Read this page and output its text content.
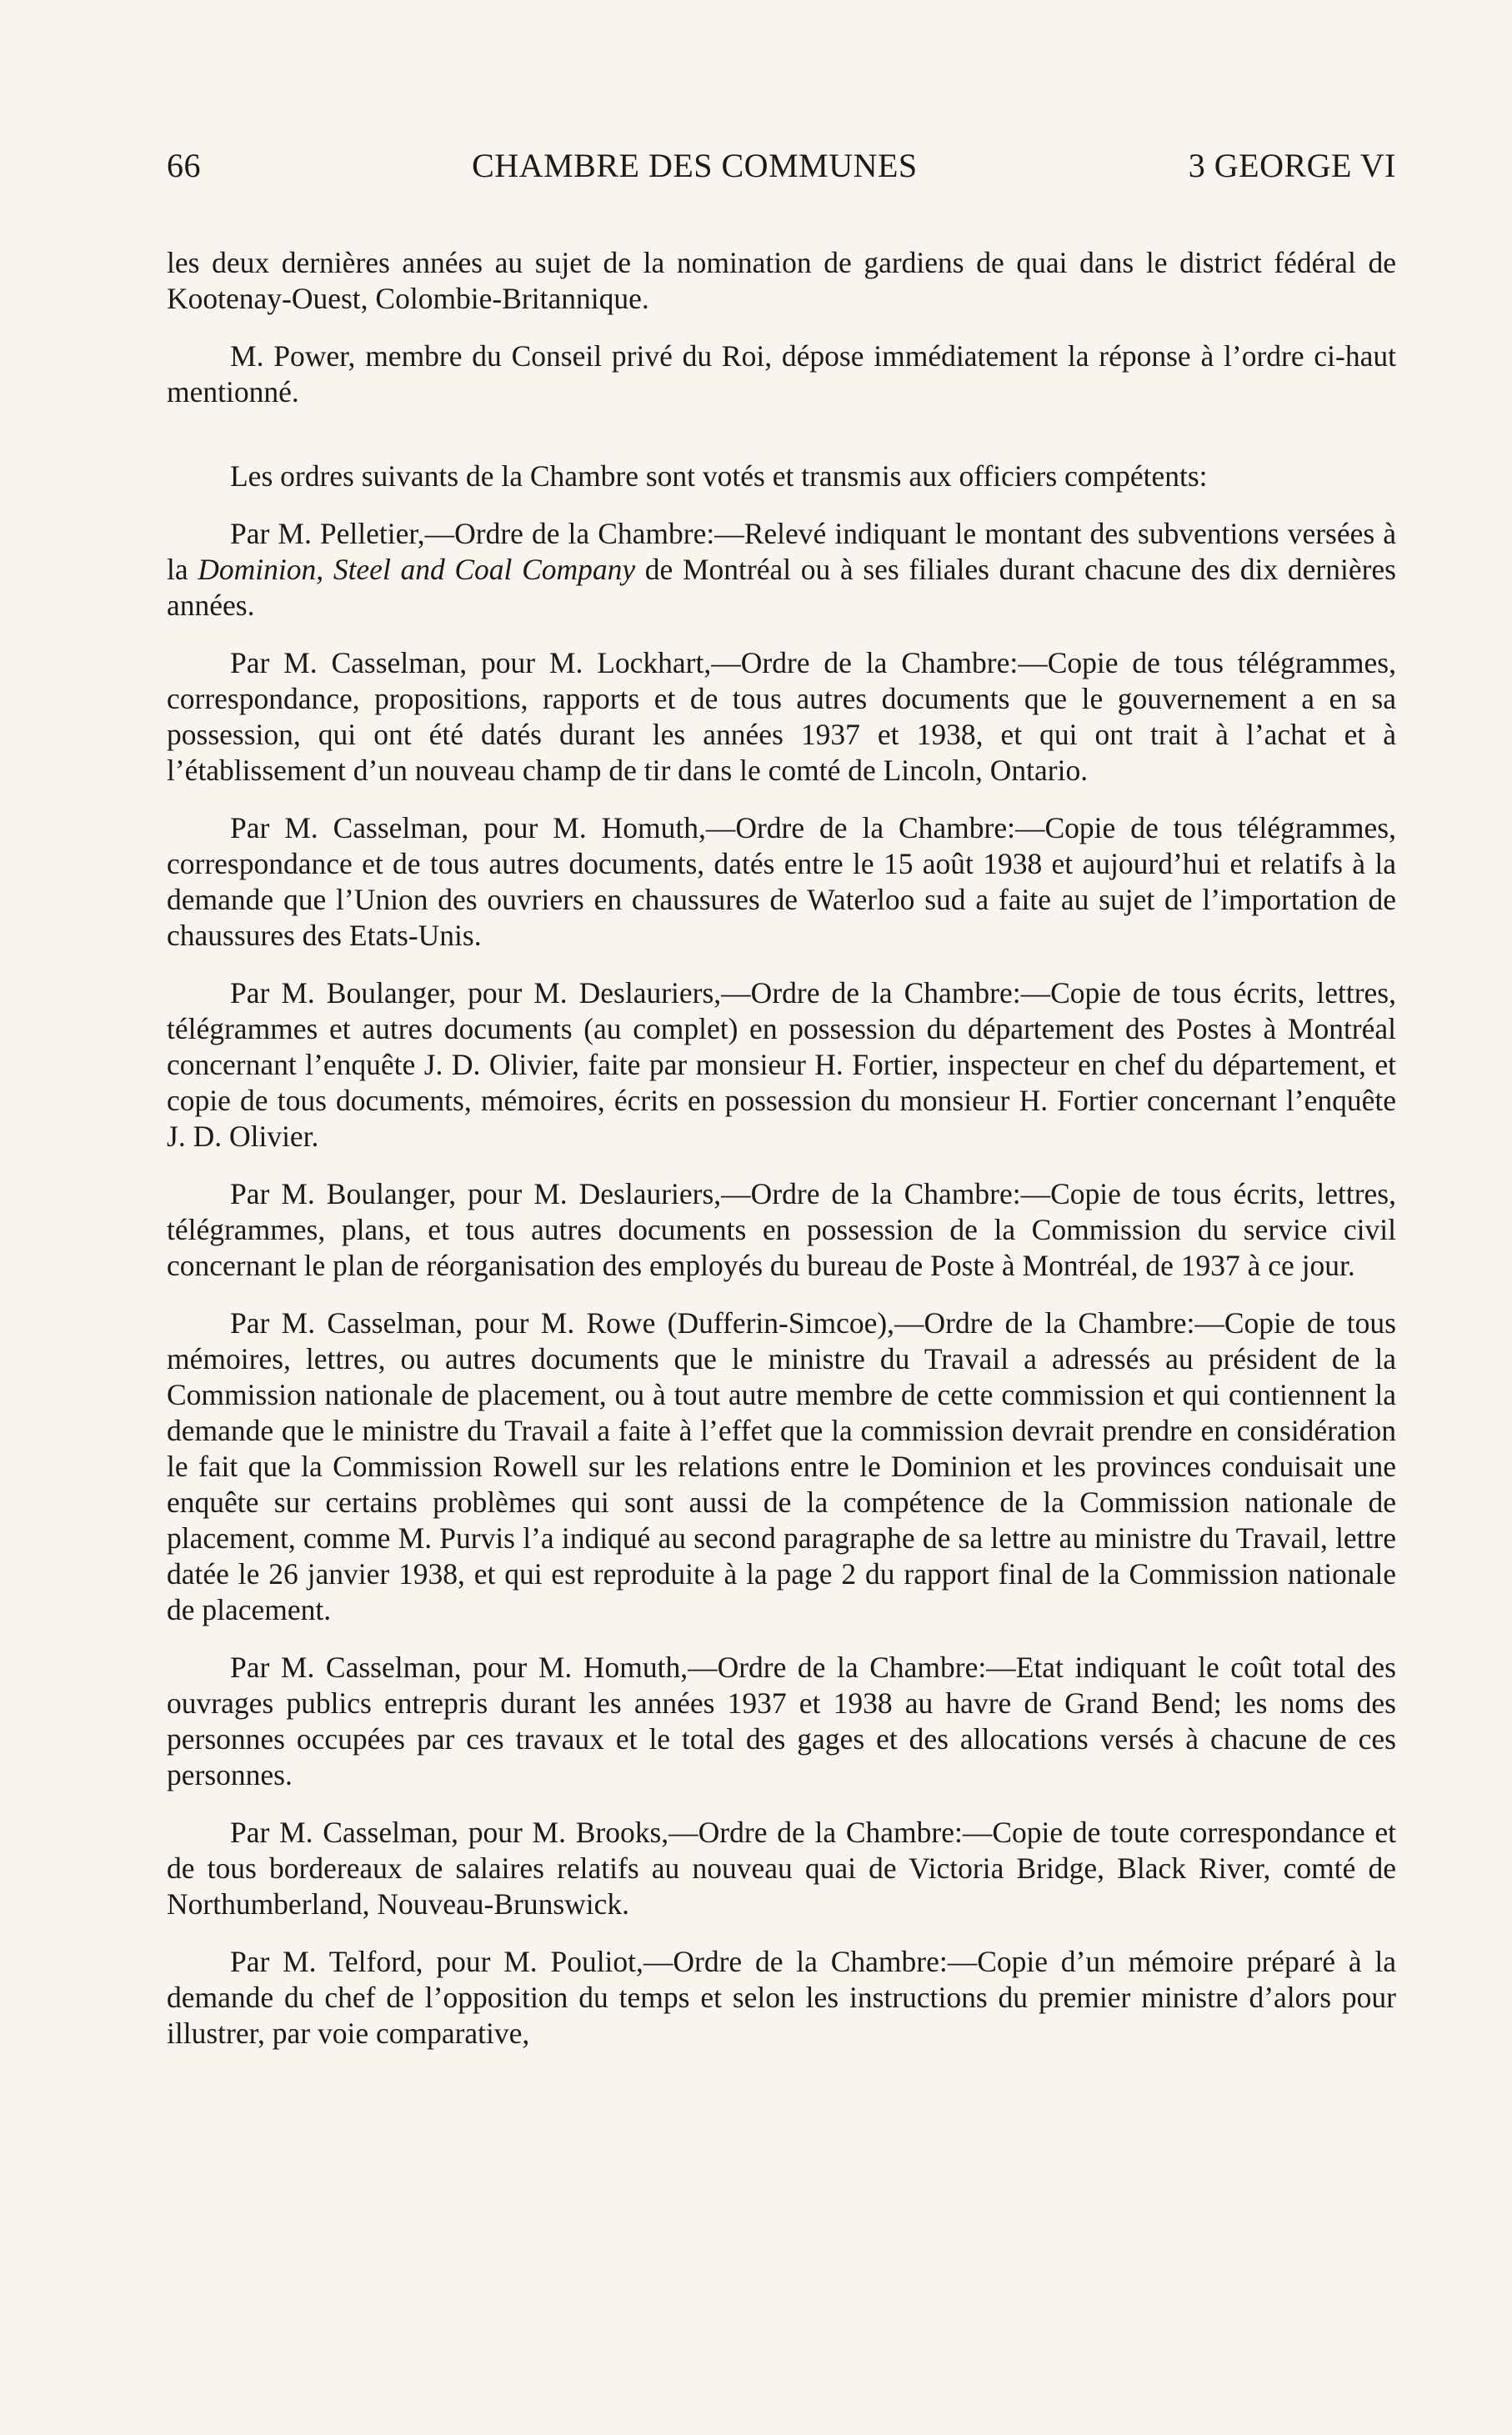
66	CHAMBRE DES COMMUNES	3 GEORGE VI

les deux dernières années au sujet de la nomination de gardiens de quai dans le district fédéral de Kootenay-Ouest, Colombie-Britannique.

M. Power, membre du Conseil privé du Roi, dépose immédiatement la réponse à l’ordre ci-haut mentionné.

Les ordres suivants de la Chambre sont votés et transmis aux officiers compétents:

Par M. Pelletier,—Ordre de la Chambre:—Relevé indiquant le montant des subventions versées à la Dominion, Steel and Coal Company de Montréal ou à ses filiales durant chacune des dix dernières années.

Par M. Casselman, pour M. Lockhart,—Ordre de la Chambre:—Copie de tous télégrammes, correspondance, propositions, rapports et de tous autres documents que le gouvernement a en sa possession, qui ont été datés durant les années 1937 et 1938, et qui ont trait à l’achat et à l’établissement d’un nouveau champ de tir dans le comté de Lincoln, Ontario.

Par M. Casselman, pour M. Homuth,—Ordre de la Chambre:—Copie de tous télégrammes, correspondance et de tous autres documents, datés entre le 15 août 1938 et aujourd’hui et relatifs à la demande que l’Union des ouvriers en chaussures de Waterloo sud a faite au sujet de l’importation de chaussures des Etats-Unis.

Par M. Boulanger, pour M. Deslauriers,—Ordre de la Chambre:—Copie de tous écrits, lettres, télégrammes et autres documents (au complet) en possession du département des Postes à Montréal concernant l’enquête J. D. Olivier, faite par monsieur H. Fortier, inspecteur en chef du département, et copie de tous documents, mémoires, écrits en possession du monsieur H. Fortier concernant l’enquête J. D. Olivier.

Par M. Boulanger, pour M. Deslauriers,—Ordre de la Chambre:—Copie de tous écrits, lettres, télégrammes, plans, et tous autres documents en possession de la Commission du service civil concernant le plan de réorganisation des employés du bureau de Poste à Montréal, de 1937 à ce jour.

Par M. Casselman, pour M. Rowe (Dufferin-Simcoe),—Ordre de la Chambre:—Copie de tous mémoires, lettres, ou autres documents que le ministre du Travail a adressés au président de la Commission nationale de placement, ou à tout autre membre de cette commission et qui contiennent la demande que le ministre du Travail a faite à l’effet que la commission devrait prendre en considération le fait que la Commission Rowell sur les relations entre le Dominion et les provinces conduisait une enquête sur certains problèmes qui sont aussi de la compétence de la Commission nationale de placement, comme M. Purvis l’a indiqué au second paragraphe de sa lettre au ministre du Travail, lettre datée le 26 janvier 1938, et qui est reproduite à la page 2 du rapport final de la Commission nationale de placement.

Par M. Casselman, pour M. Homuth,—Ordre de la Chambre:—Etat indiquant le coût total des ouvrages publics entrepris durant les années 1937 et 1938 au havre de Grand Bend; les noms des personnes occupées par ces travaux et le total des gages et des allocations versés à chacune de ces personnes.

Par M. Casselman, pour M. Brooks,—Ordre de la Chambre:—Copie de toute correspondance et de tous bordereaux de salaires relatifs au nouveau quai de Victoria Bridge, Black River, comté de Northumberland, Nouveau-Brunswick.

Par M. Telford, pour M. Pouliot,—Ordre de la Chambre:—Copie d’un mémoire préparé à la demande du chef de l’opposition du temps et selon les instructions du premier ministre d’alors pour illustrer, par voie comparative,
